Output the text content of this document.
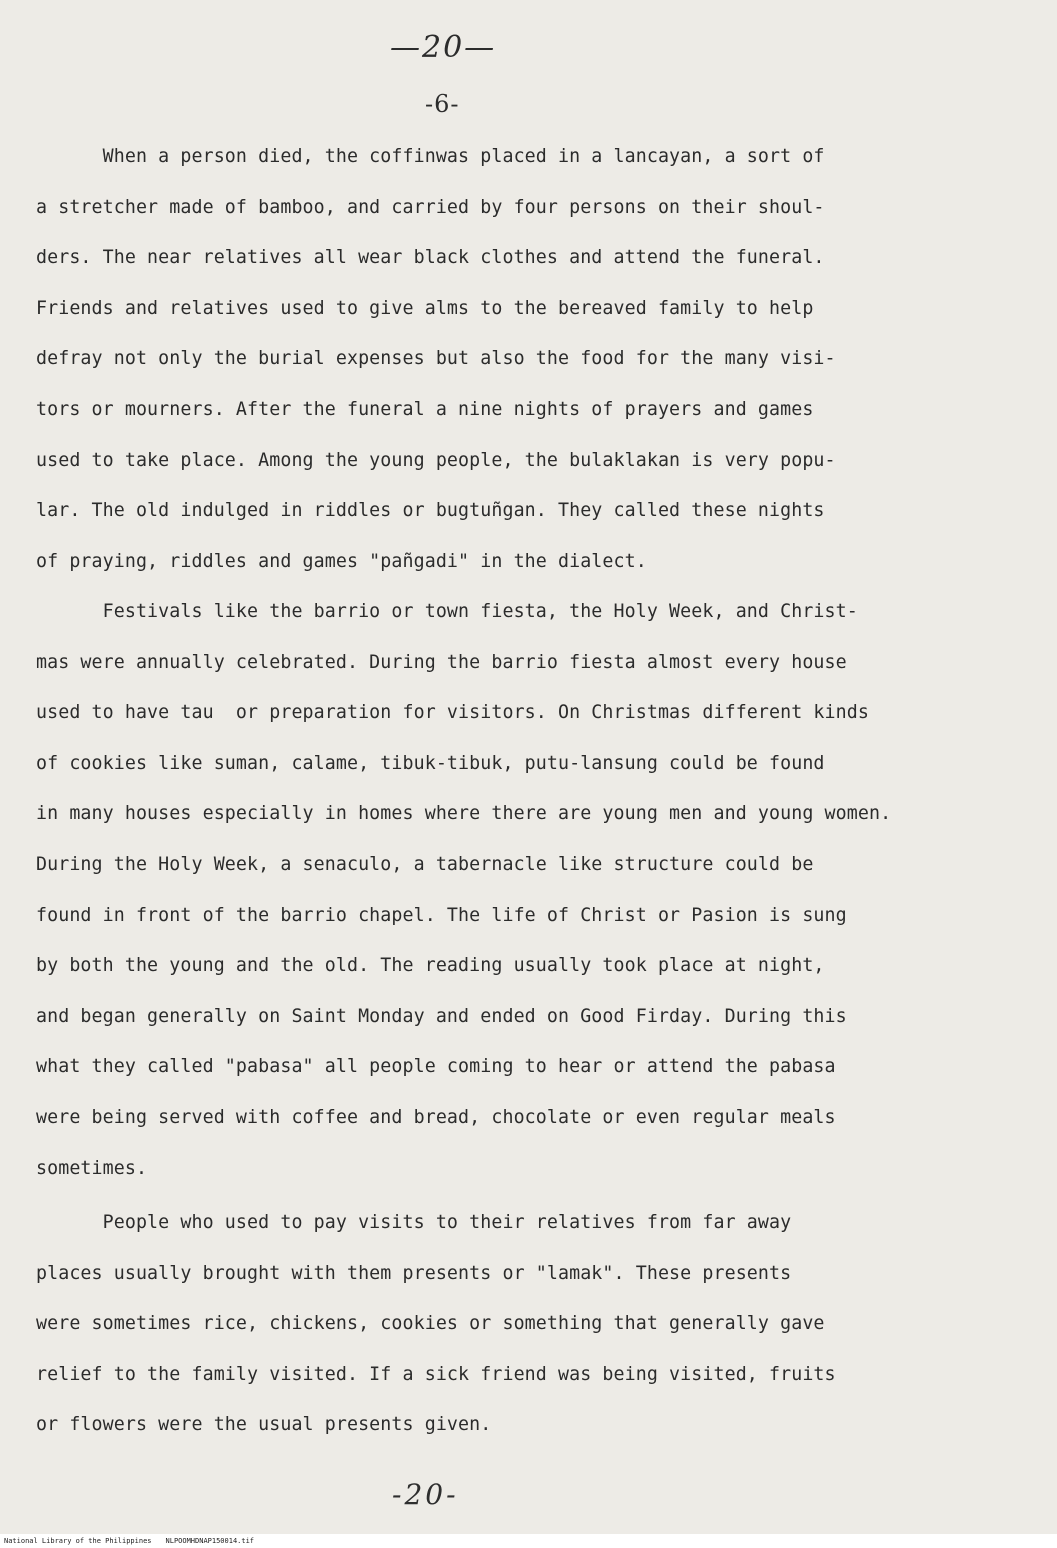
—20—
-6-
When a person died, the coffinwas placed in a lancayan, a sort of
a stretcher made of bamboo, and carried by four persons on their shoul-
ders. The near relatives all wear black clothes and attend the funeral.
Friends and relatives used to give alms to the bereaved family to help
defray not only the burial expenses but also the food for the many visi-
tors or mourners. After the funeral a nine nights of prayers and games
used to take place. Among the young people, the bulaklakan is very popu-
lar. The old indulged in riddles or bugtuñgan. They called these nights
of praying, riddles and games "pañgadi" in the dialect.
Festivals like the barrio or town fiesta, the Holy Week, and Christ-
mas were annually celebrated. During the barrio fiesta almost every house
used to have tau  or preparation for visitors. On Christmas different kinds
of cookies like suman, calame, tibuk-tibuk, putu-lansung could be found
in many houses especially in homes where there are young men and young women.
During the Holy Week, a senaculo, a tabernacle like structure could be
found in front of the barrio chapel. The life of Christ or Pasion is sung
by both the young and the old. The reading usually took place at night,
and began generally on Saint Monday and ended on Good Firday. During this
what they called "pabasa" all people coming to hear or attend the pabasa
were being served with coffee and bread, chocolate or even regular meals
sometimes.
People who used to pay visits to their relatives from far away
places usually brought with them presents or "lamak". These presents
were sometimes rice, chickens, cookies or something that generally gave
relief to the family visited. If a sick friend was being visited, fruits
or flowers were the usual presents given.
-20-
National Library of the Philippines NLPOOMHDNAP150014.tif
